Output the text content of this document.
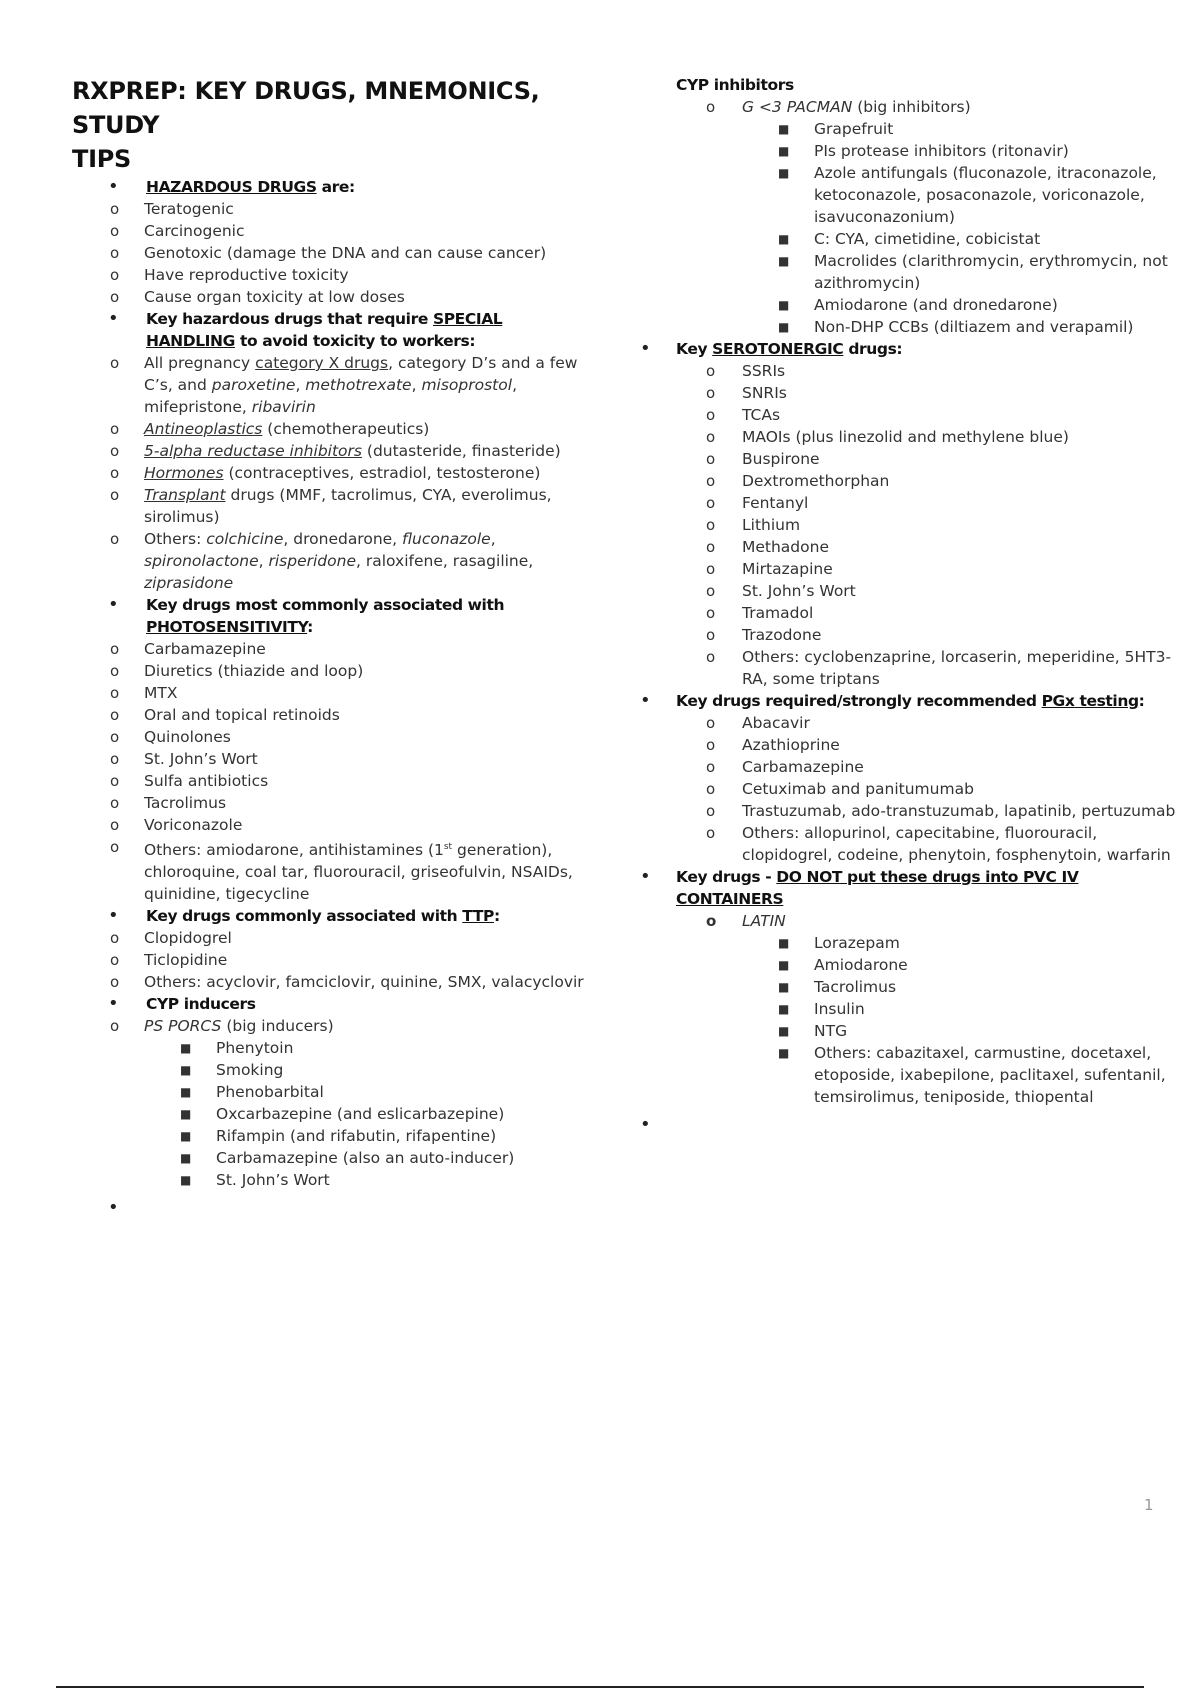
RXPREP: KEY DRUGS, MNEMONICS, STUDY
TIPS
• HAZARDOUS DRUGS are:
o Teratogenic
o Carcinogenic
o Genotoxic (damage the DNA and can cause cancer)
o Have reproductive toxicity
o Cause organ toxicity at low doses
• Key hazardous drugs that require SPECIAL HANDLING to avoid toxicity to workers:
o All pregnancy category X drugs, category D’s and a few C’s, and paroxetine, methotrexate, misoprostol, mifepristone, ribavirin
o Antineoplastics (chemotherapeutics)
o 5-alpha reductase inhibitors (dutasteride, finasteride)
o Hormones (contraceptives, estradiol, testosterone)
o Transplant drugs (MMF, tacrolimus, CYA, everolimus, sirolimus)
o Others: colchicine, dronedarone, fluconazole, spironolactone, risperidone, raloxifene, rasagiline, ziprasidone
• Key drugs most commonly associated with PHOTOSENSITIVITY:
o Carbamazepine
o Diuretics (thiazide and loop)
o MTX
o Oral and topical retinoids
o Quinolones
o St. John’s Wort
o Sulfa antibiotics
o Tacrolimus
o Voriconazole
o Others: amiodarone, antihistamines (1st generation), chloroquine, coal tar, fluorouracil, griseofulvin, NSAIDs, quinidine, tigecycline
• Key drugs commonly associated with TTP:
o Clopidogrel
o Ticlopidine
o Others: acyclovir, famciclovir, quinine, SMX, valacyclovir
• CYP inducers
o PS PORCS (big inducers)
■ Phenytoin
■ Smoking
■ Phenobarbital
■ Oxcarbazepine (and eslicarbazepine)
■ Rifampin (and rifabutin, rifapentine)
■ Carbamazepine (also an auto-inducer)
■ St. John’s Wort
•

CYP inhibitors
o G <3 PACMAN (big inhibitors)
■ Grapefruit
■ PIs protease inhibitors (ritonavir)
■ Azole antifungals (fluconazole, itraconazole, ketoconazole, posaconazole, voriconazole, isavuconazonium)
■ C: CYA, cimetidine, cobicistat
■ Macrolides (clarithromycin, erythromycin, not azithromycin)
■ Amiodarone (and dronedarone)
■ Non-DHP CCBs (diltiazem and verapamil)
• Key SEROTONERGIC drugs:
o SSRIs
o SNRIs
o TCAs
o MAOIs (plus linezolid and methylene blue)
o Buspirone
o Dextromethorphan
o Fentanyl
o Lithium
o Methadone
o Mirtazapine
o St. John’s Wort
o Tramadol
o Trazodone
o Others: cyclobenzaprine, lorcaserin, meperidine, 5HT3-RA, some triptans
• Key drugs required/strongly recommended PGx testing:
o Abacavir
o Azathioprine
o Carbamazepine
o Cetuximab and panitumumab
o Trastuzumab, ado-transtuzumab, lapatinib, pertuzumab
o Others: allopurinol, capecitabine, fluorouracil, clopidogrel, codeine, phenytoin, fosphenytoin, warfarin
• Key drugs - DO NOT put these drugs into PVC IV CONTAINERS
o LATIN
■ Lorazepam
■ Amiodarone
■ Tacrolimus
■ Insulin
■ NTG
■ Others: cabazitaxel, carmustine, docetaxel, etoposide, ixabepilone, paclitaxel, sufentanil, temsirolimus, teniposide, thiopental
•

1
